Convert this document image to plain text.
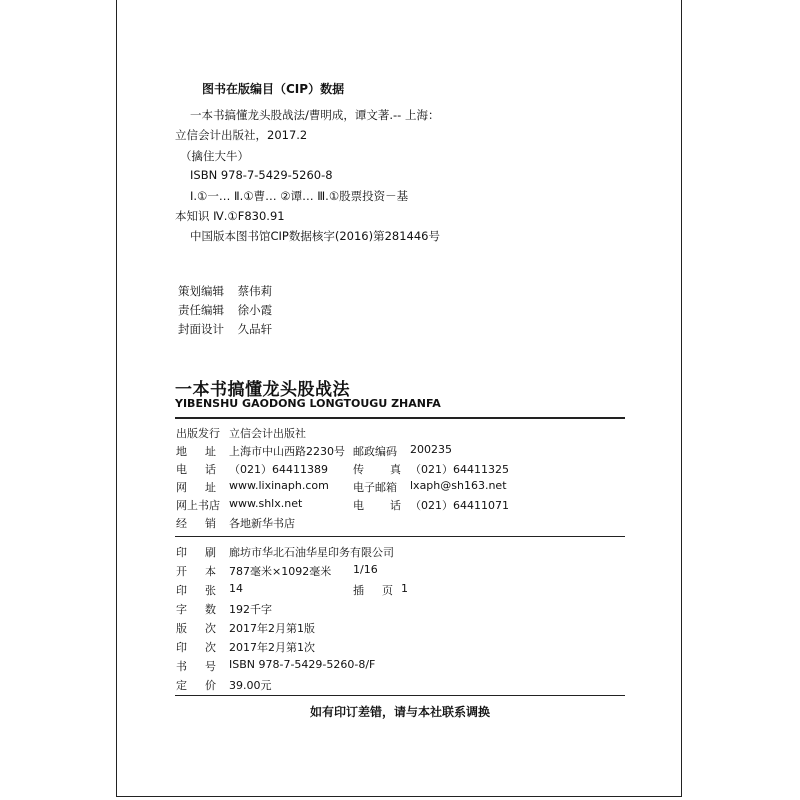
图书在版编目（CIP）数据
一本书搞懂龙头股战法/曹明成，谭文著.-- 上海：
立信会计出版社，2017.2
（擒住大牛）
ISBN 978-7-5429-5260-8
Ⅰ.①一… Ⅱ.①曹… ②谭… Ⅲ.①股票投资－基
本知识 Ⅳ.①F830.91
中国版本图书馆CIP数据核字(2016)第281446号
策划编辑 蔡伟莉
责任编辑 徐小霞
封面设计 久品轩
一本书搞懂龙头股战法
YIBENSHU GAODONG LONGTOUGU ZHANFA
出版发行 立信会计出版社
地 址 上海市中山西路2230号 邮政编码 200235
电 话 （021）64411389 传 真 （021）64411325
网 址 www.lixinaph.com 电子邮箱 lxaph@sh163.net
网上书店 www.shlx.net	电 话 （021）64411071
经 销 各地新华书店
印 刷 廊坊市华北石油华星印务有限公司
开 本 787毫米×1092毫米 1/16
印 张 14	插 页 1
字 数 192千字
版 次 2017年2月第1版
印 次 2017年2月第1次
书 号 ISBN 978-7-5429-5260-8/F
定 价 39.00元
如有印订差错，请与本社联系调换
